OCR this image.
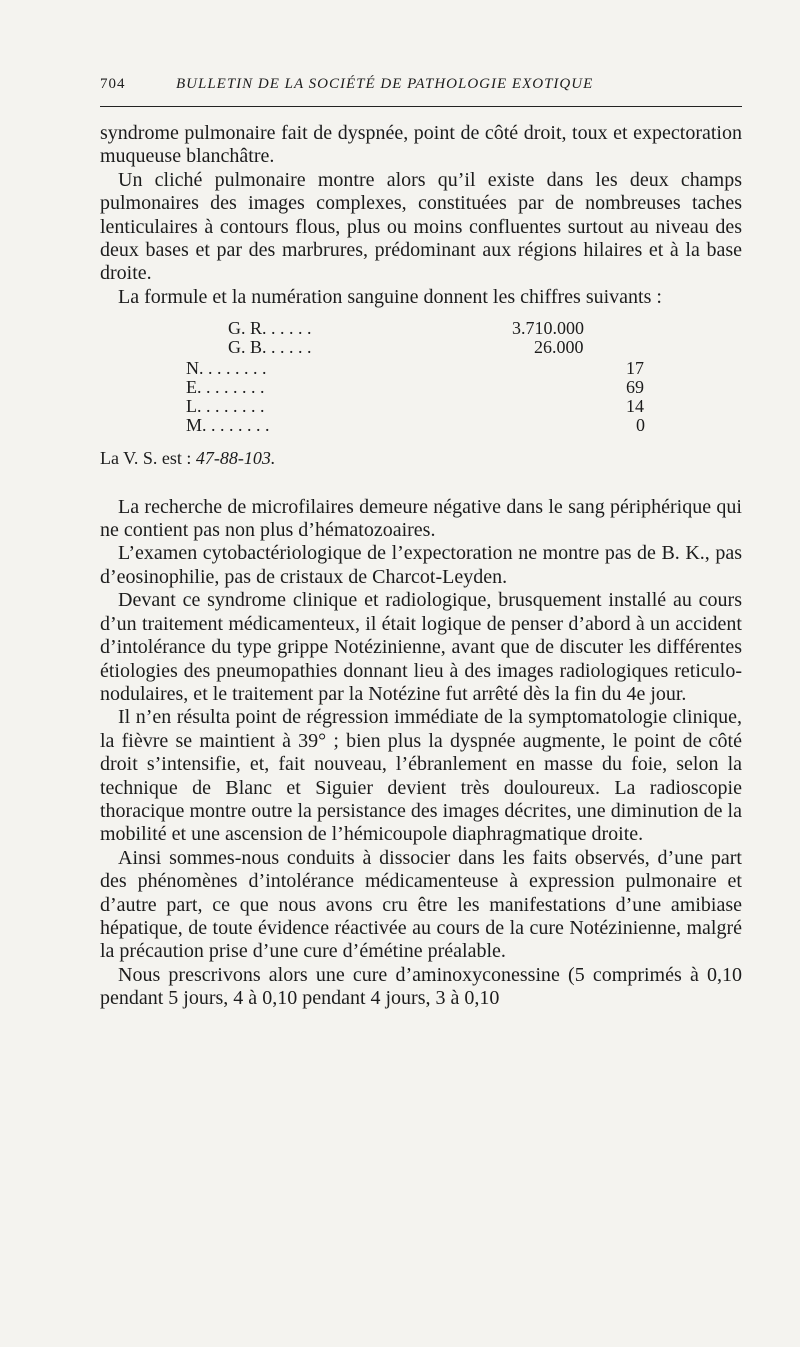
704	BULLETIN DE LA SOCIÉTÉ DE PATHOLOGIE EXOTIQUE

syndrome pulmonaire fait de dyspnée, point de côté droit, toux et expectoration muqueuse blanchâtre.

Un cliché pulmonaire montre alors qu’il existe dans les deux champs pulmonaires des images complexes, constituées par de nombreuses taches lenticulaires à contours flous, plus ou moins confluentes surtout au niveau des deux bases et par des marbrures, prédominant aux régions hilaires et à la base droite.

La formule et la numération sanguine donnent les chiffres suivants :

G. R. . . . . .	3.710.000
G. B. . . . . .	26.000
N. . . . . . . .	17
E. . . . . . . .	69
L. . . . . . . .	14
M. . . . . . . .	0
La V. S. est : 47-88-103.

La recherche de microfilaires demeure négative dans le sang périphérique qui ne contient pas non plus d’hématozoaires.

L’examen cytobactériologique de l’expectoration ne montre pas de B. K., pas d’eosinophilie, pas de cristaux de Charcot-Leyden.

Devant ce syndrome clinique et radiologique, brusquement installé au cours d’un traitement médicamenteux, il était logique de penser d’abord à un accident d’intolérance du type grippe Notézinienne, avant que de discuter les différentes étiologies des pneumopathies donnant lieu à des images radiologiques reticulo-nodulaires, et le traitement par la Notézine fut arrêté dès la fin du 4e jour.

Il n’en résulta point de régression immédiate de la symptomatologie clinique, la fièvre se maintient à 39° ; bien plus la dyspnée augmente, le point de côté droit s’intensifie, et, fait nouveau, l’ébranlement en masse du foie, selon la technique de Blanc et Siguier devient très douloureux. La radioscopie thoracique montre outre la persistance des images décrites, une diminution de la mobilité et une ascension de l’hémicoupole diaphragmatique droite.

Ainsi sommes-nous conduits à dissocier dans les faits observés, d’une part des phénomènes d’intolérance médicamenteuse à expression pulmonaire et d’autre part, ce que nous avons cru être les manifestations d’une amibiase hépatique, de toute évidence réactivée au cours de la cure Notézinienne, malgré la précaution prise d’une cure d’émétine préalable.

Nous prescrivons alors une cure d’aminoxyconessine (5 comprimés à 0,10 pendant 5 jours, 4 à 0,10 pendant 4 jours, 3 à 0,10
